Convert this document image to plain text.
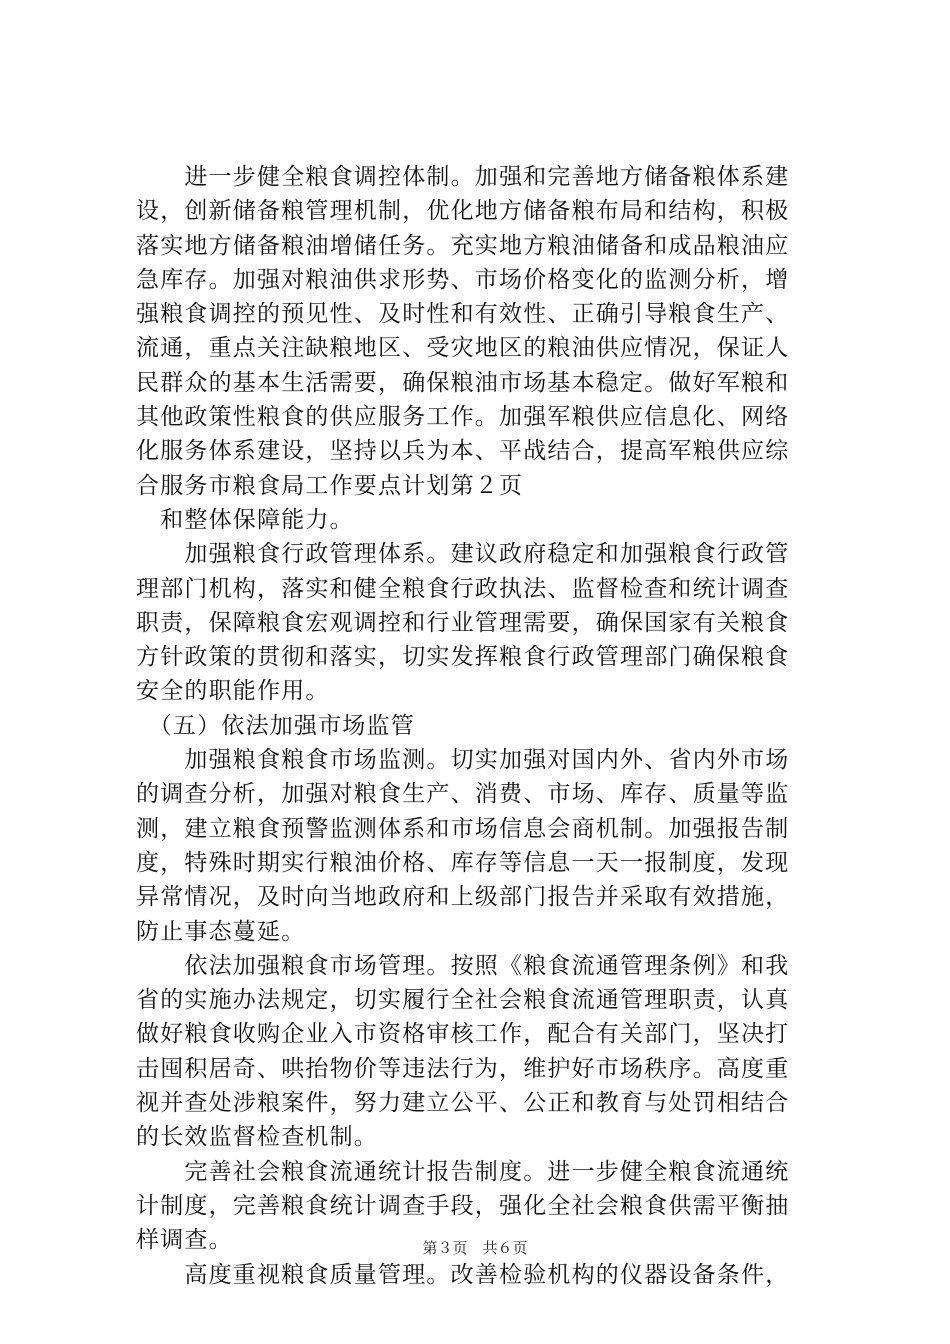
　　进一步健全粮食调控体制。加强和完善地方储备粮体系建
设，创新储备粮管理机制，优化地方储备粮布局和结构，积极
落实地方储备粮油增储任务。充实地方粮油储备和成品粮油应
急库存。加强对粮油供求形势、市场价格变化的监测分析，增
强粮食调控的预见性、及时性和有效性、正确引导粮食生产、
流通，重点关注缺粮地区、受灾地区的粮油供应情况，保证人
民群众的基本生活需要，确保粮油市场基本稳定。做好军粮和
其他政策性粮食的供应服务工作。加强军粮供应信息化、网络
化服务体系建设，坚持以兵为本、平战结合，提高军粮供应综
合服务市粮食局工作要点计划第２页
　和整体保障能力。
　　加强粮食行政管理体系。建议政府稳定和加强粮食行政管
理部门机构，落实和健全粮食行政执法、监督检查和统计调查
职责，保障粮食宏观调控和行业管理需要，确保国家有关粮食
方针政策的贯彻和落实，切实发挥粮食行政管理部门确保粮食
安全的职能作用。
　（五）依法加强市场监管
　　加强粮食粮食市场监测。切实加强对国内外、省内外市场
的调查分析，加强对粮食生产、消费、市场、库存、质量等监
测，建立粮食预警监测体系和市场信息会商机制。加强报告制
度，特殊时期实行粮油价格、库存等信息一天一报制度，发现
异常情况，及时向当地政府和上级部门报告并采取有效措施，
防止事态蔓延。
　　依法加强粮食市场管理。按照《粮食流通管理条例》和我
省的实施办法规定，切实履行全社会粮食流通管理职责，认真
做好粮食收购企业入市资格审核工作，配合有关部门，坚决打
击囤积居奇、哄抬物价等违法行为，维护好市场秩序。高度重
视并查处涉粮案件，努力建立公平、公正和教育与处罚相结合
的长效监督检查机制。
　　完善社会粮食流通统计报告制度。进一步健全粮食流通统
计制度，完善粮食统计调查手段，强化全社会粮食供需平衡抽
样调查。
　　高度重视粮食质量管理。改善检验机构的仪器设备条件，
第３页　共６页
